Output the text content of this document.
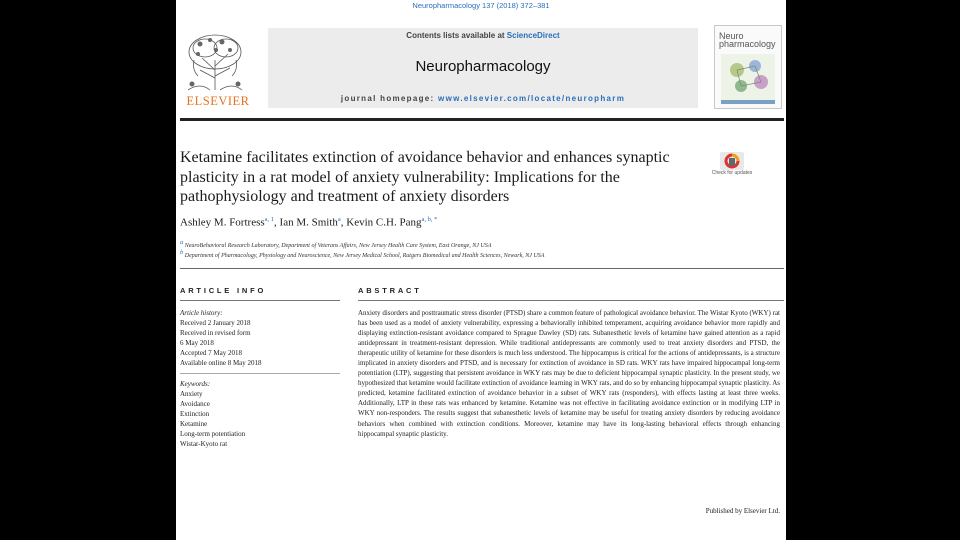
Neuropharmacology 137 (2018) 372–381
ELSEVIER
Contents lists available at ScienceDirect
Neuropharmacology
journal homepage: www.elsevier.com/locate/neuropharm
Neuro pharmacology
Ketamine facilitates extinction of avoidance behavior and enhances synaptic plasticity in a rat model of anxiety vulnerability: Implications for the pathophysiology and treatment of anxiety disorders
Check for updates
Ashley M. Fortress$^{a, 1}$, Ian M. Smith$^a$, Kevin C.H. Pang$^{a, b, *}$
a NeuroBehavioral Research Laboratory, Department of Veterans Affairs, New Jersey Health Care System, East Orange, NJ USA
b Department of Pharmacology, Physiology and Neuroscience, New Jersey Medical School, Rutgers Biomedical and Health Sciences, Newark, NJ USA
ARTICLE INFO	ABSTRACT
Article history:
Received 2 January 2018
Received in revised form
6 May 2018
Accepted 7 May 2018
Available online 8 May 2018
Keywords:
Anxiety
Avoidance
Extinction
Ketamine
Long-term potentiation
Wistar-Kyoto rat
Anxiety disorders and posttraumatic stress disorder (PTSD) share a common feature of pathological avoidance behavior. The Wistar Kyoto (WKY) rat has been used as a model of anxiety vulnerability, expressing a behaviorally inhibited temperament, acquiring avoidance behavior more rapidly and displaying extinction-resistant avoidance compared to Sprague Dawley (SD) rats. Subanesthetic levels of ketamine have gained attention as a rapid antidepressant in treatment-resistant depression. While traditional antidepressants are commonly used to treat anxiety disorders and PTSD, the therapeutic utility of ketamine for these disorders is much less understood. The hippocampus is critical for the actions of antidepressants, is a structure implicated in anxiety disorders and PTSD, and is necessary for extinction of avoidance in SD rats. WKY rats have impaired hippocampal long-term potentiation (LTP), suggesting that persistent avoidance in WKY rats may be due to deficient hippocampal synaptic plasticity. In the present study, we hypothesized that ketamine would facilitate extinction of avoidance learning in WKY rats, and do so by enhancing hippocampal synaptic plasticity. As predicted, ketamine facilitated extinction of avoidance behavior in a subset of WKY rats (responders), with effects lasting at least three weeks. Additionally, LTP in these rats was enhanced by ketamine. Ketamine was not effective in facilitating avoidance extinction or in modifying LTP in WKY non-responders. The results suggest that subanesthetic levels of ketamine may be useful for treating anxiety disorders by reducing avoidance behaviors when combined with extinction conditions. Moreover, ketamine may have its long-lasting behavioral effects through enhancing hippocampal synaptic plasticity.
Published by Elsevier Ltd.
